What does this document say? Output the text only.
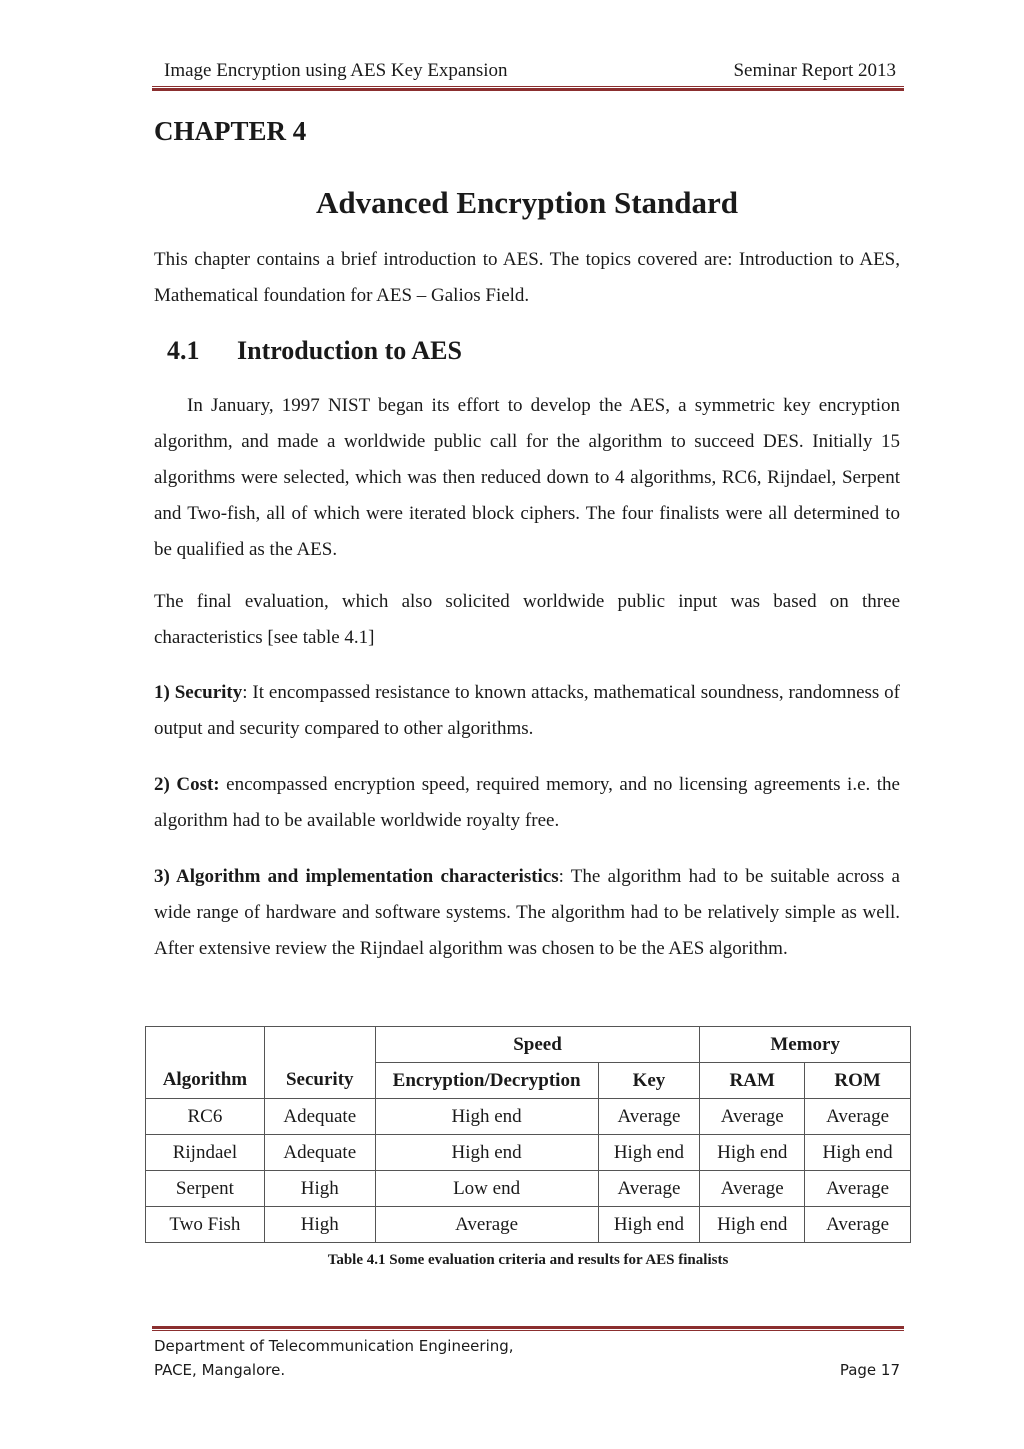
Image Encryption using AES Key Expansion	Seminar Report 2013
CHAPTER 4
Advanced Encryption Standard

This chapter contains a brief introduction to AES. The topics covered are: Introduction to AES, Mathematical foundation for AES – Galios Field.

4.1 Introduction to AES

In January, 1997 NIST began its effort to develop the AES, a symmetric key encryption algorithm, and made a worldwide public call for the algorithm to succeed DES. Initially 15 algorithms were selected, which was then reduced down to 4 algorithms, RC6, Rijndael, Serpent and Two-fish, all of which were iterated block ciphers. The four finalists were all determined to be qualified as the AES.

The final evaluation, which also solicited worldwide public input was based on three characteristics [see table 4.1]

1) Security: It encompassed resistance to known attacks, mathematical soundness, randomness of output and security compared to other algorithms.

2) Cost: encompassed encryption speed, required memory, and no licensing agreements i.e. the algorithm had to be available worldwide royalty free.

3) Algorithm and implementation characteristics: The algorithm had to be suitable across a wide range of hardware and software systems. The algorithm had to be relatively simple as well. After extensive review the Rijndael algorithm was chosen to be the AES algorithm.

Algorithm	Security	Speed		Memory	
		Encryption/Decryption	Key	RAM	ROM
RC6	Adequate	High end	Average	Average	Average
Rijndael	Adequate	High end	High end	High end	High end
Serpent	High	Low end	Average	Average	Average
Two Fish	High	Average	High end	High end	Average
Table 4.1 Some evaluation criteria and results for AES finalists
Department of Telecommunication Engineering,
PACE, Mangalore.	Page 17
